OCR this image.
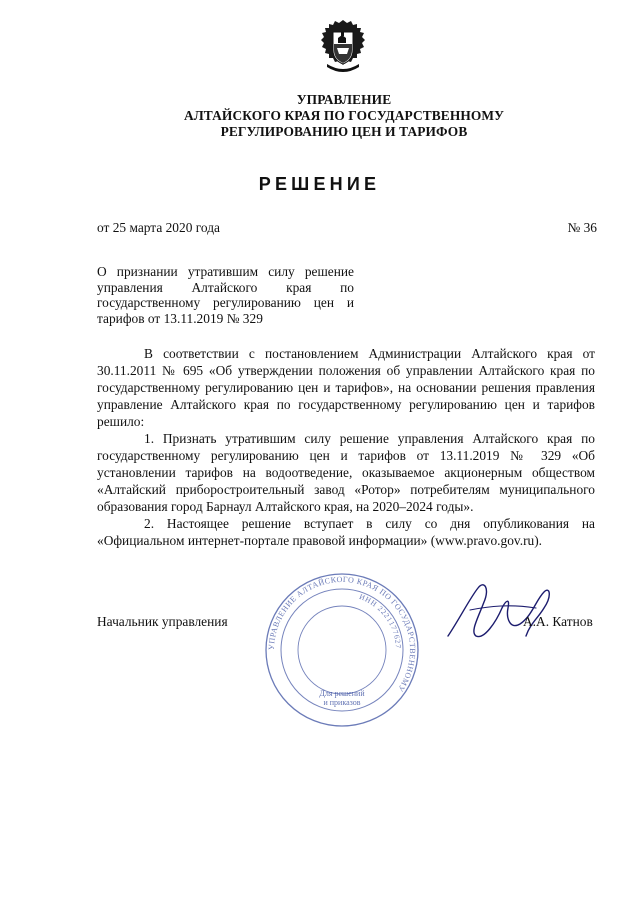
УПРАВЛЕНИЕ
АЛТАЙСКОГО КРАЯ ПО ГОСУДАРСТВЕННОМУ
РЕГУЛИРОВАНИЮ ЦЕН И ТАРИФОВ
РЕШЕНИЕ
от 25 марта 2020 года	№ 36
О признании утратившим силу решение управления Алтайского края по государственному регулированию цен и тарифов от 13.11.2019 № 329

В соответствии с постановлением Администрации Алтайского края от 30.11.2011 № 695 «Об утверждении положения об управлении Алтайского края по государственному регулированию цен и тарифов», на основании решения правления управление Алтайского края по государственному регулированию цен и тарифов решило:

1. Признать утратившим силу решение управления Алтайского края по государственному регулированию цен и тарифов от 13.11.2019 № 329 «Об установлении тарифов на водоотведение, оказываемое акционерным обществом «Алтайский приборостроительный завод «Ротор» потребителям муниципального образования город Барнаул Алтайского края, на 2020–2024 годы».

2. Настоящее решение вступает в силу со дня опубликования на «Официальном интернет-портале правовой информации» (www.pravo.gov.ru).

УПРАВЛЕНИЕ АЛТАЙСКОГО КРАЯ ПО ГОСУДАРСТВЕННОМУ
ИНН 2221177627
Для решений
и приказов
Начальник управления	А.А. Катнов
